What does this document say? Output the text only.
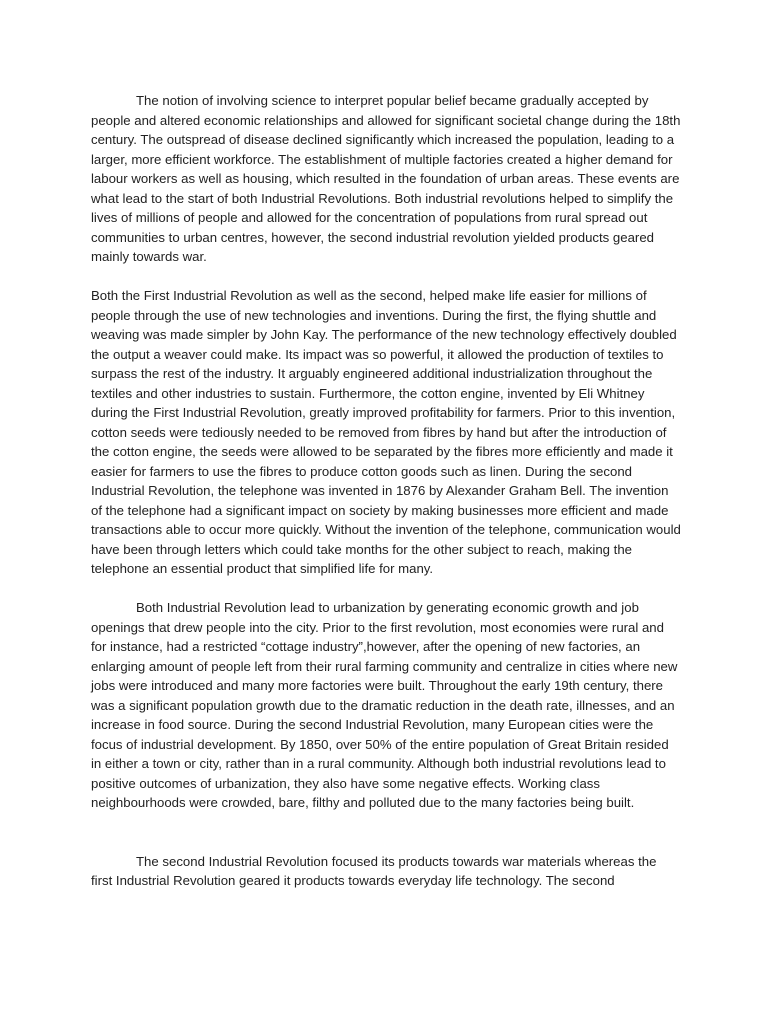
The notion of involving science to interpret popular belief became gradually accepted by people and altered economic relationships and allowed for significant societal change during the 18th century. The outspread of disease declined significantly which increased the population, leading to a larger, more efficient workforce. The establishment of multiple factories created a higher demand for labour workers as well as housing, which resulted in the foundation of urban areas. These events are what lead to the start of both Industrial Revolutions. Both industrial revolutions helped to simplify the lives of millions of people and allowed for the concentration of populations from rural spread out communities to urban centres, however, the second industrial revolution yielded products geared mainly towards war.

Both the First Industrial Revolution as well as the second, helped make life easier for millions of people through the use of new technologies and inventions. During the first, the flying shuttle and weaving was made simpler by John Kay. The performance of the new technology effectively doubled the output a weaver could make. Its impact was so powerful, it allowed the production of textiles to surpass the rest of the industry. It arguably engineered additional industrialization throughout the textiles and other industries to sustain. Furthermore, the cotton engine, invented by Eli Whitney during the First Industrial Revolution, greatly improved profitability for farmers. Prior to this invention, cotton seeds were tediously needed to be removed from fibres by hand but after the introduction of the cotton engine, the seeds were allowed to be separated by the fibres more efficiently and made it easier for farmers to use the fibres to produce cotton goods such as linen. During the second Industrial Revolution, the telephone was invented in 1876 by Alexander Graham Bell. The invention of the telephone had a significant impact on society by making businesses more efficient and made transactions able to occur more quickly. Without the invention of the telephone, communication would have been through letters which could take months for the other subject to reach, making the telephone an essential product that simplified life for many.

Both Industrial Revolution lead to urbanization by generating economic growth and job openings that drew people into the city. Prior to the first revolution, most economies were rural and for instance, had a restricted “cottage industry”,however, after the opening of new factories, an enlarging amount of people left from their rural farming community and centralize in cities where new jobs were introduced and many more factories were built. Throughout the early 19th century, there was a significant population growth due to the dramatic reduction in the death rate, illnesses, and an increase in food source. During the second Industrial Revolution, many European cities were the focus of industrial development. By 1850, over 50% of the entire population of Great Britain resided in either a town or city, rather than in a rural community. Although both industrial revolutions lead to positive outcomes of urbanization, they also have some negative effects. Working class neighbourhoods were crowded, bare, filthy and polluted due to the many factories being built.

The second Industrial Revolution focused its products towards war materials whereas the first Industrial Revolution geared it products towards everyday life technology. The second
